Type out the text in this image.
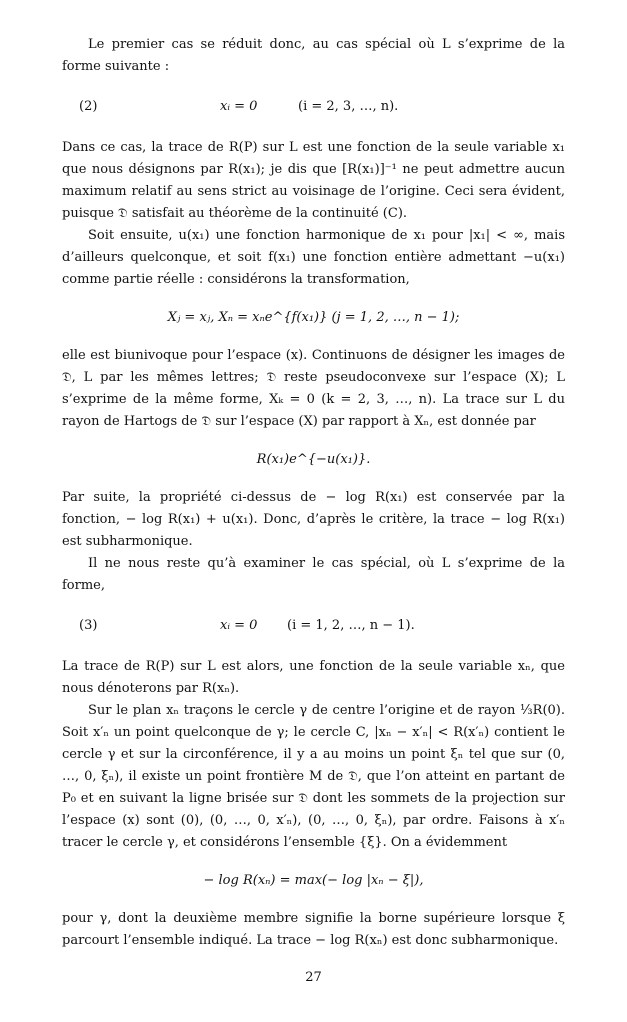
Le premier cas se réduit donc, au cas spécial où L s’exprime de la forme suivante :

(2)	xᵢ = 0	(i = 2, 3, …, n).

Dans ce cas, la trace de R(P) sur L est une fonction de la seule variable x₁ que nous désignons par R(x₁); je dis que [R(x₁)]⁻¹ ne peut admettre aucun maximum relatif au sens strict au voisinage de l’origine. Ceci sera évident, puisque 𝔇 satisfait au théorème de la continuité (C).

Soit ensuite, u(x₁) une fonction harmonique de x₁ pour |x₁| < ∞, mais d’ailleurs quelconque, et soit f(x₁) une fonction entière admettant −u(x₁) comme partie réelle : considérons la transformation,

Xⱼ = xⱼ, Xₙ = xₙe^{f(x₁)} (j = 1, 2, …, n − 1);

elle est biunivoque pour l’espace (x). Continuons de désigner les images de 𝔇, L par les mêmes lettres; 𝔇 reste pseudoconvexe sur l’espace (X); L s’exprime de la même forme, Xₖ = 0 (k = 2, 3, …, n). La trace sur L du rayon de Hartogs de 𝔇 sur l’espace (X) par rapport à Xₙ, est donnée par

R(x₁)e^{−u(x₁)}.

Par suite, la propriété ci-dessus de − log R(x₁) est conservée par la fonction, − log R(x₁) + u(x₁). Donc, d’après le critère, la trace − log R(x₁) est subharmonique.

Il ne nous reste qu’à examiner le cas spécial, où L s’exprime de la forme,

(3)	xᵢ = 0 (i = 1, 2, …, n − 1).

La trace de R(P) sur L est alors, une fonction de la seule variable xₙ, que nous dénoterons par R(xₙ).

Sur le plan xₙ traçons le cercle γ de centre l’origine et de rayon ⅓R(0). Soit x′ₙ un point quelconque de γ; le cercle C, |xₙ − x′ₙ| < R(x′ₙ) contient le cercle γ et sur la circonférence, il y a au moins un point ξₙ tel que sur (0, …, 0, ξₙ), il existe un point frontière M de 𝔇, que l’on atteint en partant de P₀ et en suivant la ligne brisée sur 𝔇 dont les sommets de la projection sur l’espace (x) sont (0), (0, …, 0, x′ₙ), (0, …, 0, ξₙ), par ordre. Faisons à x′ₙ tracer le cercle γ, et considérons l’ensemble {ξ}. On a évidemment

− log R(xₙ) = max(− log |xₙ − ξ|),

pour γ, dont la deuxième membre signifie la borne supérieure lorsque ξ parcourt l’ensemble indiqué. La trace − log R(xₙ) est donc subharmonique.

27
